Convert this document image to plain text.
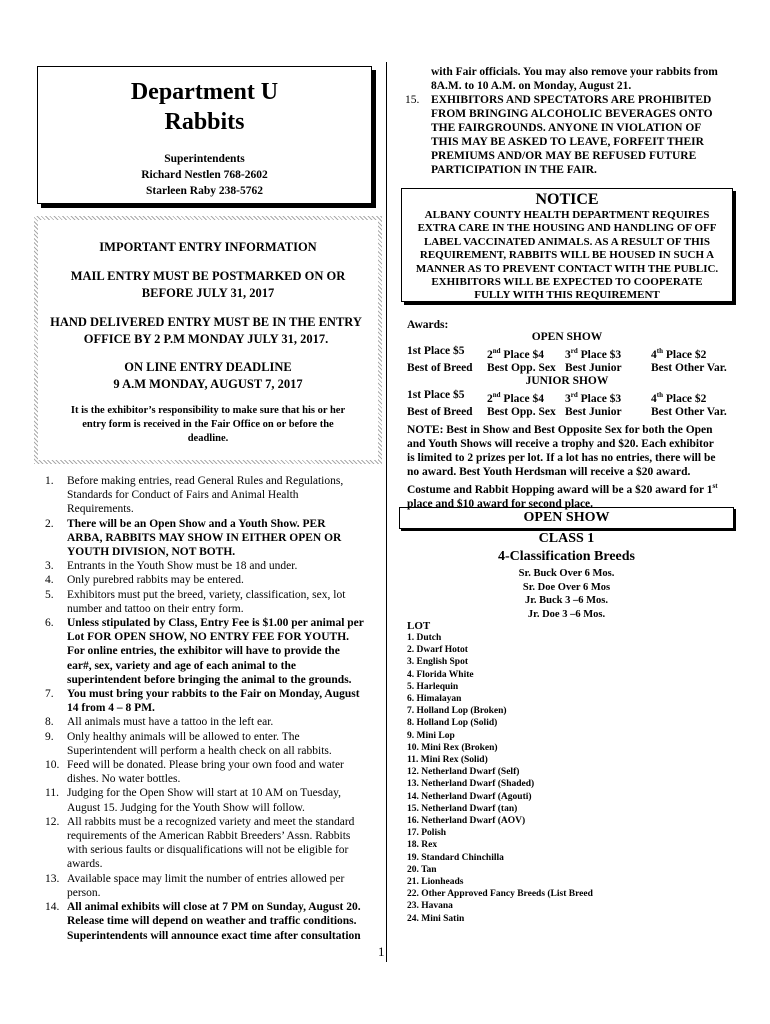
Department U
Rabbits
Superintendents
Richard Nestlen 768-2602
Starleen Raby 238-5762
IMPORTANT ENTRY INFORMATION
MAIL ENTRY MUST BE POSTMARKED ON OR
BEFORE JULY 31, 2017
HAND DELIVERED ENTRY MUST BE IN THE ENTRY
OFFICE BY 2 P.M MONDAY JULY 31, 2017.
ON LINE ENTRY DEADLINE
9 A.M MONDAY, AUGUST 7, 2017
It is the exhibitor’s responsibility to make sure that his or her
entry form is received in the Fair Office on or before the
deadline.
1. Before making entries, read General Rules and Regulations,
Standards for Conduct of Fairs and Animal Health
Requirements.
2. There will be an Open Show and a Youth Show. PER
ARBA, RABBITS MAY SHOW IN EITHER OPEN OR
YOUTH DIVISION, NOT BOTH.
3. Entrants in the Youth Show must be 18 and under.
4. Only purebred rabbits may be entered.
5. Exhibitors must put the breed, variety, classification, sex, lot
number and tattoo on their entry form.
6. Unless stipulated by Class, Entry Fee is $1.00 per animal per
Lot FOR OPEN SHOW, NO ENTRY FEE FOR YOUTH.
For online entries, the exhibitor will have to provide the
ear#, sex, variety and age of each animal to the
superintendent before bringing the animal to the grounds.
7. You must bring your rabbits to the Fair on Monday, August
14 from 4 – 8 PM.
8. All animals must have a tattoo in the left ear.
9. Only healthy animals will be allowed to enter. The
Superintendent will perform a health check on all rabbits.
10. Feed will be donated. Please bring your own food and water
dishes. No water bottles.
11. Judging for the Open Show will start at 10 AM on Tuesday,
August 15. Judging for the Youth Show will follow.
12. All rabbits must be a recognized variety and meet the standard
requirements of the American Rabbit Breeders’ Assn. Rabbits
with serious faults or disqualifications will not be eligible for
awards.
13. Available space may limit the number of entries allowed per
person.
14. All animal exhibits will close at 7 PM on Sunday, August 20.
Release time will depend on weather and traffic conditions.
Superintendents will announce exact time after consultation
with Fair officials. You may also remove your rabbits from
8A.M. to 10 A.M. on Monday, August 21.
15. EXHIBITORS AND SPECTATORS ARE PROHIBITED
FROM BRINGING ALCOHOLIC BEVERAGES ONTO
THE FAIRGROUNDS. ANYONE IN VIOLATION OF
THIS MAY BE ASKED TO LEAVE, FORFEIT THEIR
PREMIUMS AND/OR MAY BE REFUSED FUTURE
PARTICIPATION IN THE FAIR.
NOTICE
ALBANY COUNTY HEALTH DEPARTMENT REQUIRES
EXTRA CARE IN THE HOUSING AND HANDLING OF OFF
LABEL VACCINATED ANIMALS. AS A RESULT OF THIS
REQUIREMENT, RABBITS WILL BE HOUSED IN SUCH A
MANNER AS TO PREVENT CONTACT WITH THE PUBLIC.
EXHIBITORS WILL BE EXPECTED TO COOPERATE
FULLY WITH THIS REQUIREMENT
Awards:
	OPEN SHOW		
1st Place $5	2nd Place $4	3rd Place $3	4th Place $2
Best of Breed	Best Opp. Sex	Best Junior	Best Other Var.
	JUNIOR SHOW		
1st Place $5	2nd Place $4	3rd Place $3	4th Place $2
Best of Breed	Best Opp. Sex	Best Junior	Best Other Var.
NOTE: Best in Show and Best Opposite Sex for both the Open
and Youth Shows will receive a trophy and $20. Each exhibitor
is limited to 2 prizes per lot. If a lot has no entries, there will be
no award. Best Youth Herdsman will receive a $20 award.
Costume and Rabbit Hopping award will be a $20 award for 1st
place and $10 award for second place.
OPEN SHOW
CLASS 1
4-Classification Breeds
Sr. Buck Over 6 Mos.
Sr. Doe Over 6 Mos
Jr. Buck 3 –6 Mos.
Jr. Doe 3 –6 Mos.
LOT
1. Dutch
2. Dwarf Hotot
3. English Spot
4. Florida White
5. Harlequin
6. Himalayan
7. Holland Lop (Broken)
8. Holland Lop (Solid)
9. Mini Lop
10. Mini Rex (Broken)
11. Mini Rex (Solid)
12. Netherland Dwarf (Self)
13. Netherland Dwarf (Shaded)
14. Netherland Dwarf (Agouti)
15. Netherland Dwarf (tan)
16. Netherland Dwarf (AOV)
17. Polish
18. Rex
19. Standard Chinchilla
20. Tan
21. Lionheads
22. Other Approved Fancy Breeds (List Breed
23. Havana
24. Mini Satin
1
